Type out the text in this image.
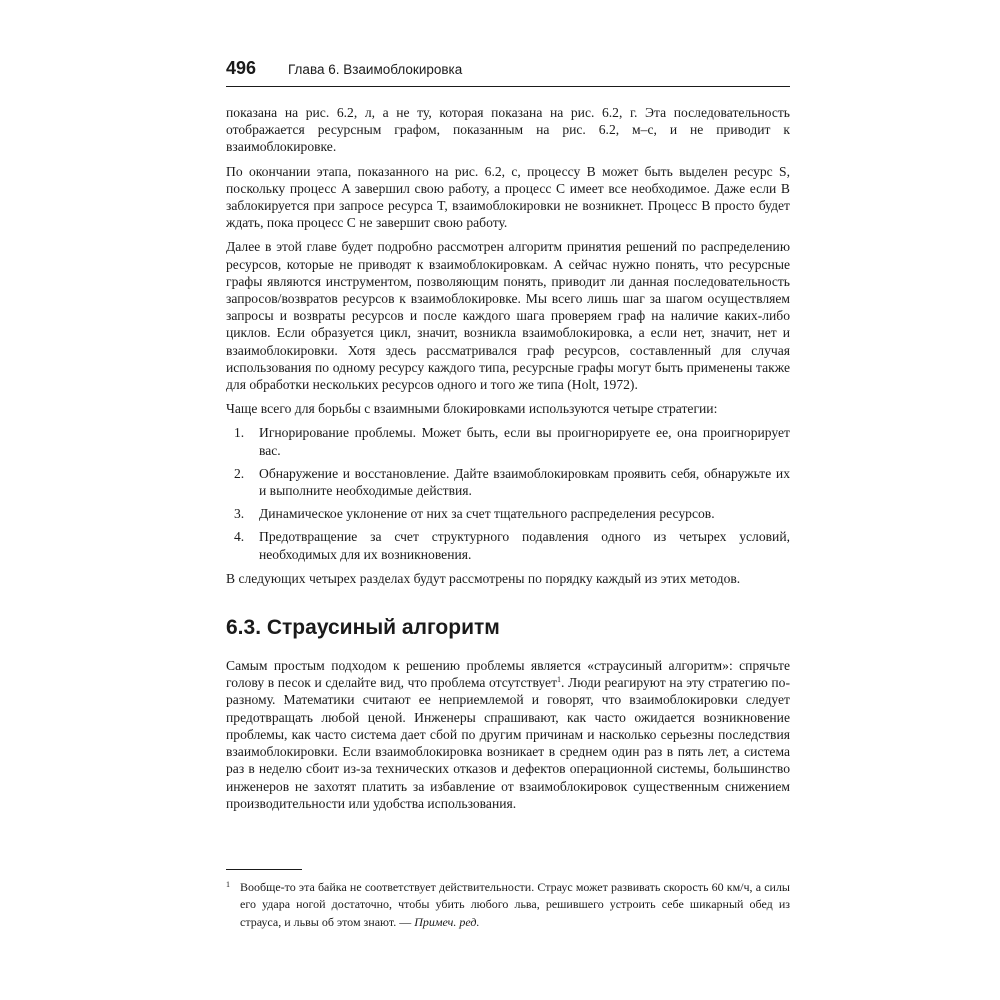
496	Глава 6. Взаимоблокировка

показана на рис. 6.2, л, а не ту, которая показана на рис. 6.2, г. Эта последовательность отображается ресурсным графом, показанным на рис. 6.2, м–с, и не приводит к взаимоблокировке.

По окончании этапа, показанного на рис. 6.2, с, процессу B может быть выделен ресурс S, поскольку процесс A завершил свою работу, а процесс C имеет все необходимое. Даже если B заблокируется при запросе ресурса T, взаимоблокировки не возникнет. Процесс B просто будет ждать, пока процесс C не завершит свою работу.

Далее в этой главе будет подробно рассмотрен алгоритм принятия решений по распределению ресурсов, которые не приводят к взаимоблокировкам. А сейчас нужно понять, что ресурсные графы являются инструментом, позволяющим понять, приводит ли данная последовательность запросов/возвратов ресурсов к взаимоблокировке. Мы всего лишь шаг за шагом осуществляем запросы и возвраты ресурсов и после каждого шага проверяем граф на наличие каких-либо циклов. Если образуется цикл, значит, возникла взаимоблокировка, а если нет, значит, нет и взаимоблокировки. Хотя здесь рассматривался граф ресурсов, составленный для случая использования по одному ресурсу каждого типа, ресурсные графы могут быть применены также для обработки нескольких ресурсов одного и того же типа (Holt, 1972).

Чаще всего для борьбы с взаимными блокировками используются четыре стратегии:

1.	Игнорирование проблемы. Может быть, если вы проигнорируете ее, она проигнорирует вас.
2.	Обнаружение и восстановление. Дайте взаимоблокировкам проявить себя, обнаружьте их и выполните необходимые действия.
3.	Динамическое уклонение от них за счет тщательного распределения ресурсов.
4.	Предотвращение за счет структурного подавления одного из четырех условий, необходимых для их возникновения.

В следующих четырех разделах будут рассмотрены по порядку каждый из этих методов.

6.3. Страусиный алгоритм

Самым простым подходом к решению проблемы является «страусиный алгоритм»: спрячьте голову в песок и сделайте вид, что проблема отсутствует$^1$. Люди реагируют на эту стратегию по-разному. Математики считают ее неприемлемой и говорят, что взаимоблокировки следует предотвращать любой ценой. Инженеры спрашивают, как часто ожидается возникновение проблемы, как часто система дает сбой по другим причинам и насколько серьезны последствия взаимоблокировки. Если взаимоблокировка возникает в среднем один раз в пять лет, а система раз в неделю сбоит из-за технических отказов и дефектов операционной системы, большинство инженеров не захотят платить за избавление от взаимоблокировок существенным снижением производительности или удобства использования.

1 Вообще-то эта байка не соответствует действительности. Страус может развивать скорость 60 км/ч, а силы его удара ногой достаточно, чтобы убить любого льва, решившего устроить себе шикарный обед из страуса, и львы об этом знают. — Примеч. ред.
